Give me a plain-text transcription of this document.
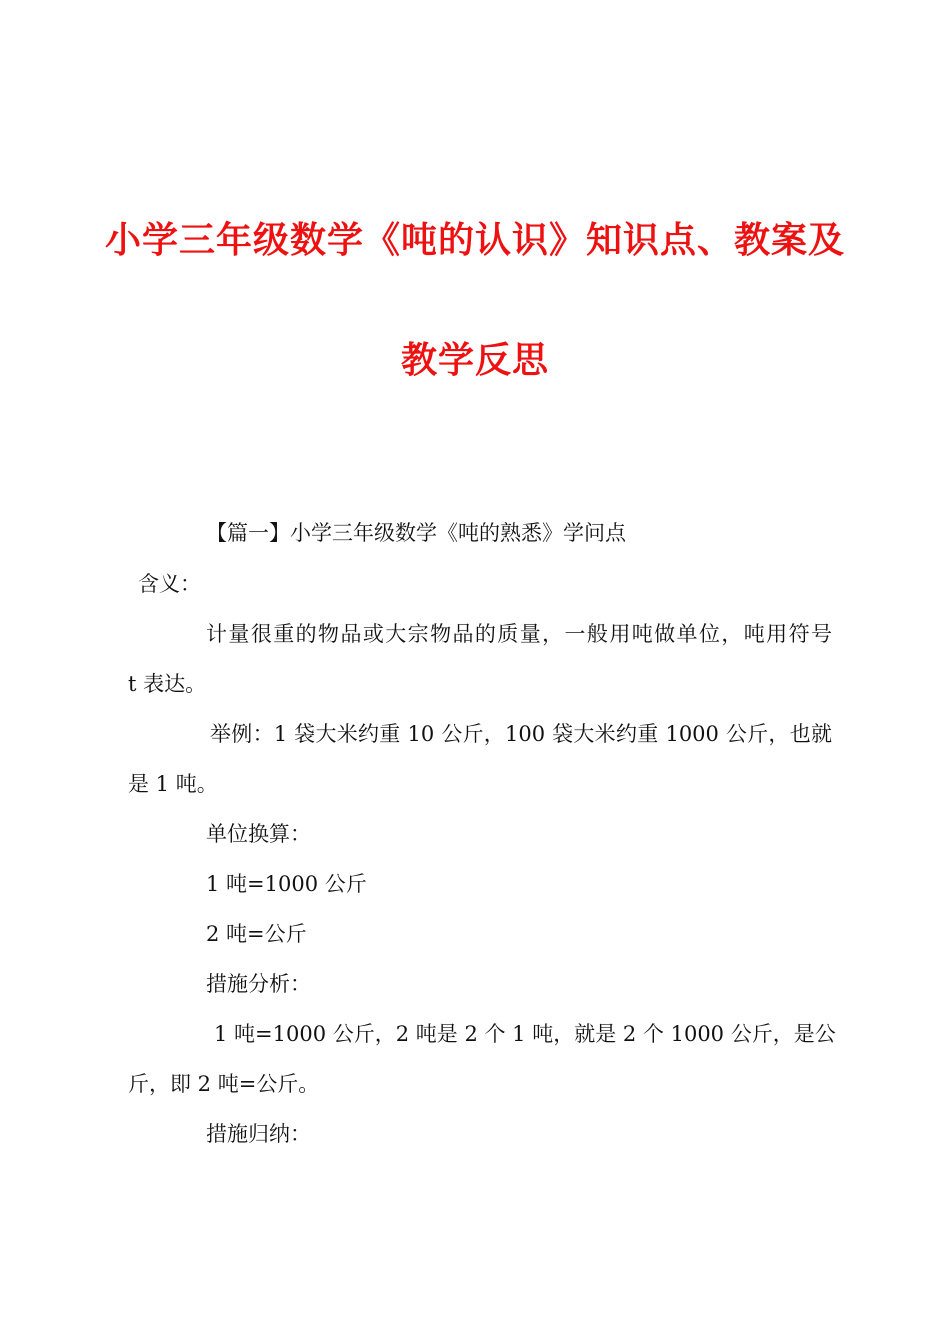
小学三年级数学《吨的认识》知识点、教案及
教学反思
【篇一】小学三年级数学《吨的熟悉》学问点
含义：
计量很重的物品或大宗物品的质量，一般用吨做单位，吨用符号
t 表达。
举例：1 袋大米约重 10 公斤，100 袋大米约重 1000 公斤，也就
是 1 吨。
单位换算：
1 吨=1000 公斤
2 吨=公斤
措施分析：
1 吨=1000 公斤，2 吨是 2 个 1 吨，就是 2 个 1000 公斤，是公
斤，即 2 吨=公斤。
措施归纳：
